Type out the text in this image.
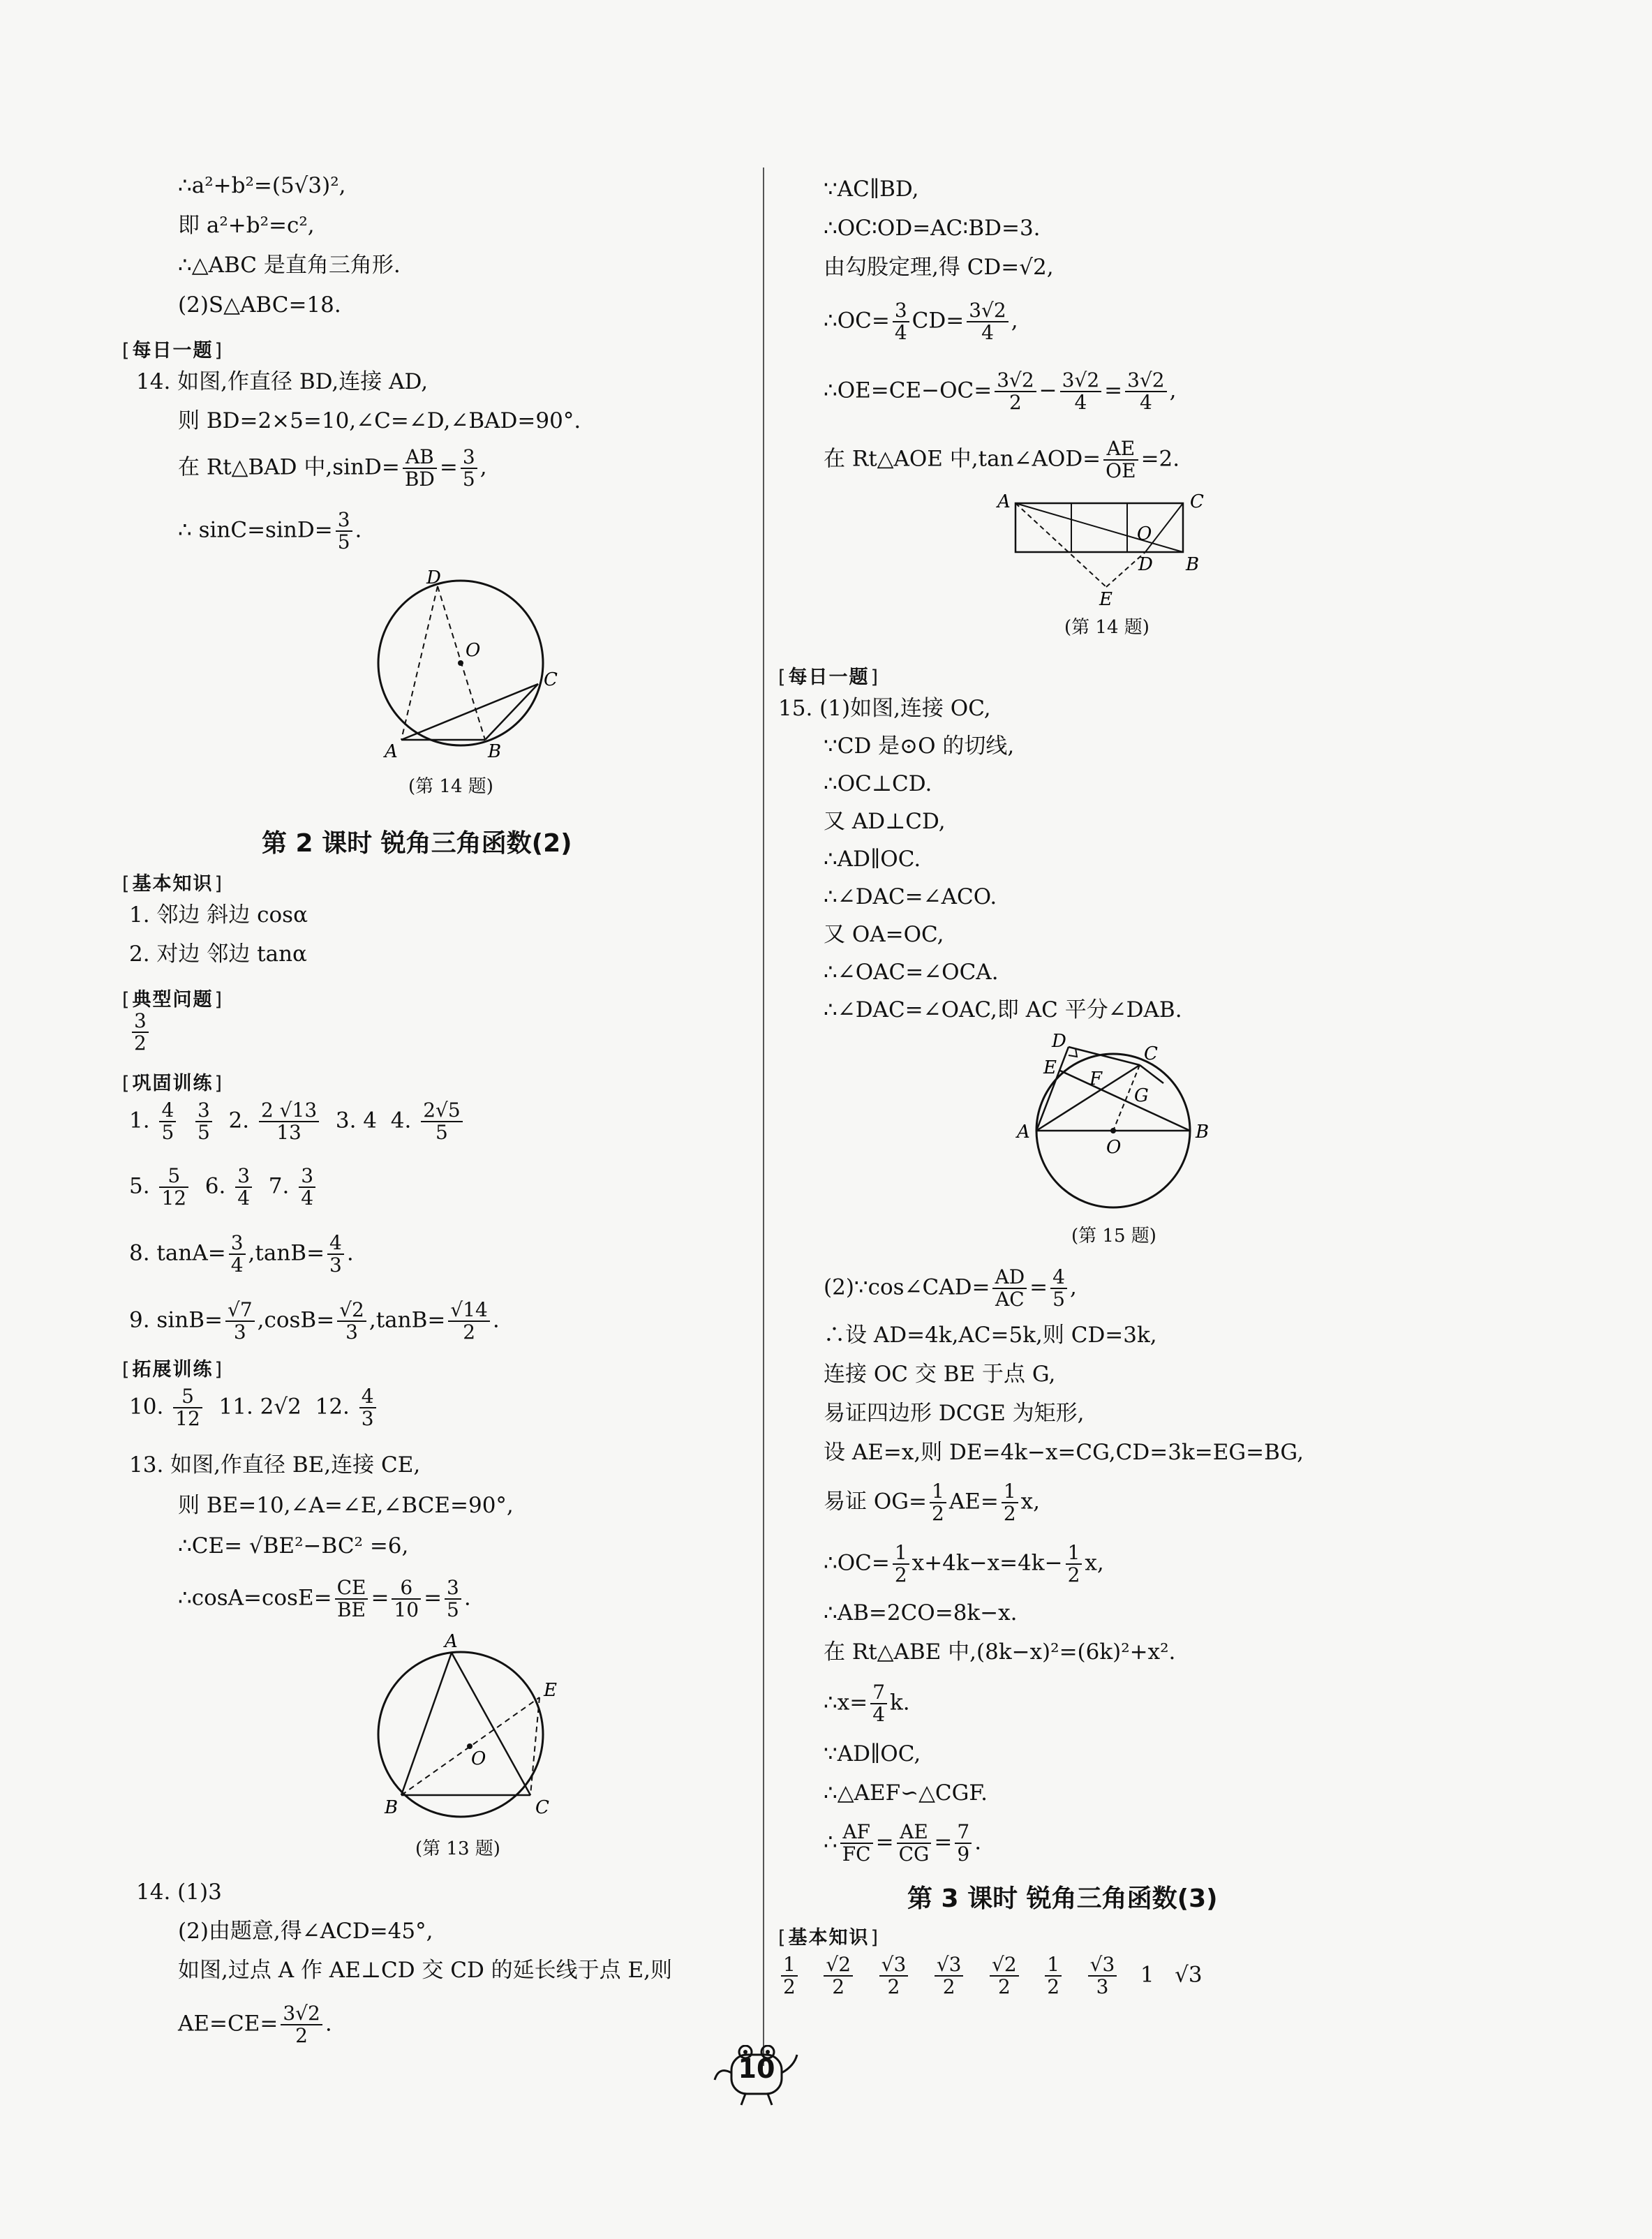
∴a²+b²=(5√3)²,
即 a²+b²=c²,
∴△ABC 是直角三角形.
(2)S△ABC=18.
[ 每日一题 ]
14. 如图,作直径 BD,连接 AD,
则 BD=2×5=10,∠C=∠D,∠BAD=90°.
在 Rt△BAD 中$,\sin D= \frac{AB}{BD} = \frac{3}{5}$ ,
∴ $\sin C=\sin D= \frac{3}{5}$ .
D
O
C
A	B
(第 14 题)
第 2 课时 锐角三角函数(2)
[ 基本知识 ]
1. 邻边 斜边 cosα
2. 对边 邻边 tanα
[ 典型问题 ]
$\frac{3}{2}$
[ 巩固训练 ]
1. $\frac{4}{5}$
$\frac{3}{5} 2$. $\frac{2 √13}{13} 3$. 4 4. $\frac{2√5}{5}$
5. $\frac{5}{12} 6$. $\frac{3}{4} 7$. $\frac{3}{4}$
8. $\tan A= \frac{3}{4} ,\tan B= \frac{4}{3}$ .
9. $\sin B= \frac{√7}{3} ,\cos B= \frac{√2}{3} ,\tan B= \frac{√14}{2}$ .
[ 拓展训练 ]
10. $\frac{5}{12} 11$. 2√2 12. $\frac{4}{3}$
13. 如图,作直径 BE,连接 CE,
则 BE=10,∠A=∠E,∠BCE=90°,
∴CE= √BE²−BC² =6,
∴cosA=cosE= $\frac{CE}{BE} = \frac{6}{10} = \frac{3}{5}$ .
A
E
O
B	C
(第 13 题)
14. (1)3
(2)由题意,得∠ACD=45°,
如图,过点 A 作 AE⊥CD 交 CD 的延长线于点 E,则
$AE=CE= \frac{3√2}{2}$ .
∵AC∥BD,
∴OC∶OD=AC∶BD=3.
由勾股定理,得 CD=√2,
∴OC= $\frac{3}{4} CD= \frac{3√2}{4}$ ,
∴OE=CE−OC= $\frac{3√2}{2} - \frac{3√2}{4} = \frac{3√2}{4}$ ,
在 Rt△AOE 中,tan∠AOD= $\frac{AE}{OE} =2$.
A	C
O
D B
E
(第 14 题)
[ 每日一题 ]
15. (1)如图,连接 OC,
∵CD 是⊙O 的切线,
∴OC⊥CD.
又 AD⊥CD,
∴AD∥OC.
∴∠DAC=∠ACO.
又 OA=OC,
∴∠OAC=∠OCA.
∴∠DAC=∠OAC,即 AC 平分∠DAB.
D
C
E
F
G
A	B
O
(第 15 题)
(2)∵cos∠CAD= $\frac{AD}{AC} = \frac{4}{5}$ ,
∴设 AD=4k,AC=5k,则 CD=3k,
连接 OC 交 BE 于点 G,
易证四边形 DCGE 为矩形,
设 AE=x,则 DE=4k−x=CG,CD=3k=EG=BG,
易证 $OG= \frac{1}{2} AE= \frac{1}{2} x$,
∴OC= $\frac{1}{2} x+4k-x=4k- \frac{1}{2} x$,
∴AB=2CO=8k−x.
在 Rt△ABE 中,(8k−x)²=(6k)²+x².
∴x= $\frac{7}{4} k$.
∵AD∥OC,
∴△AEF∽△CGF.
∴ $\frac{AF}{FC} = \frac{AE}{CG} = \frac{7}{9}$ .
第 3 课时 锐角三角函数(3)
[ 基本知识 ]
$\frac{1}{2}$
$\frac{√2}{2}$
$\frac{√3}{2}$
$\frac{√3}{2}$
$\frac{√2}{2}$
$\frac{1}{2}$
$\frac{√3}{3} 1$ √3
10
